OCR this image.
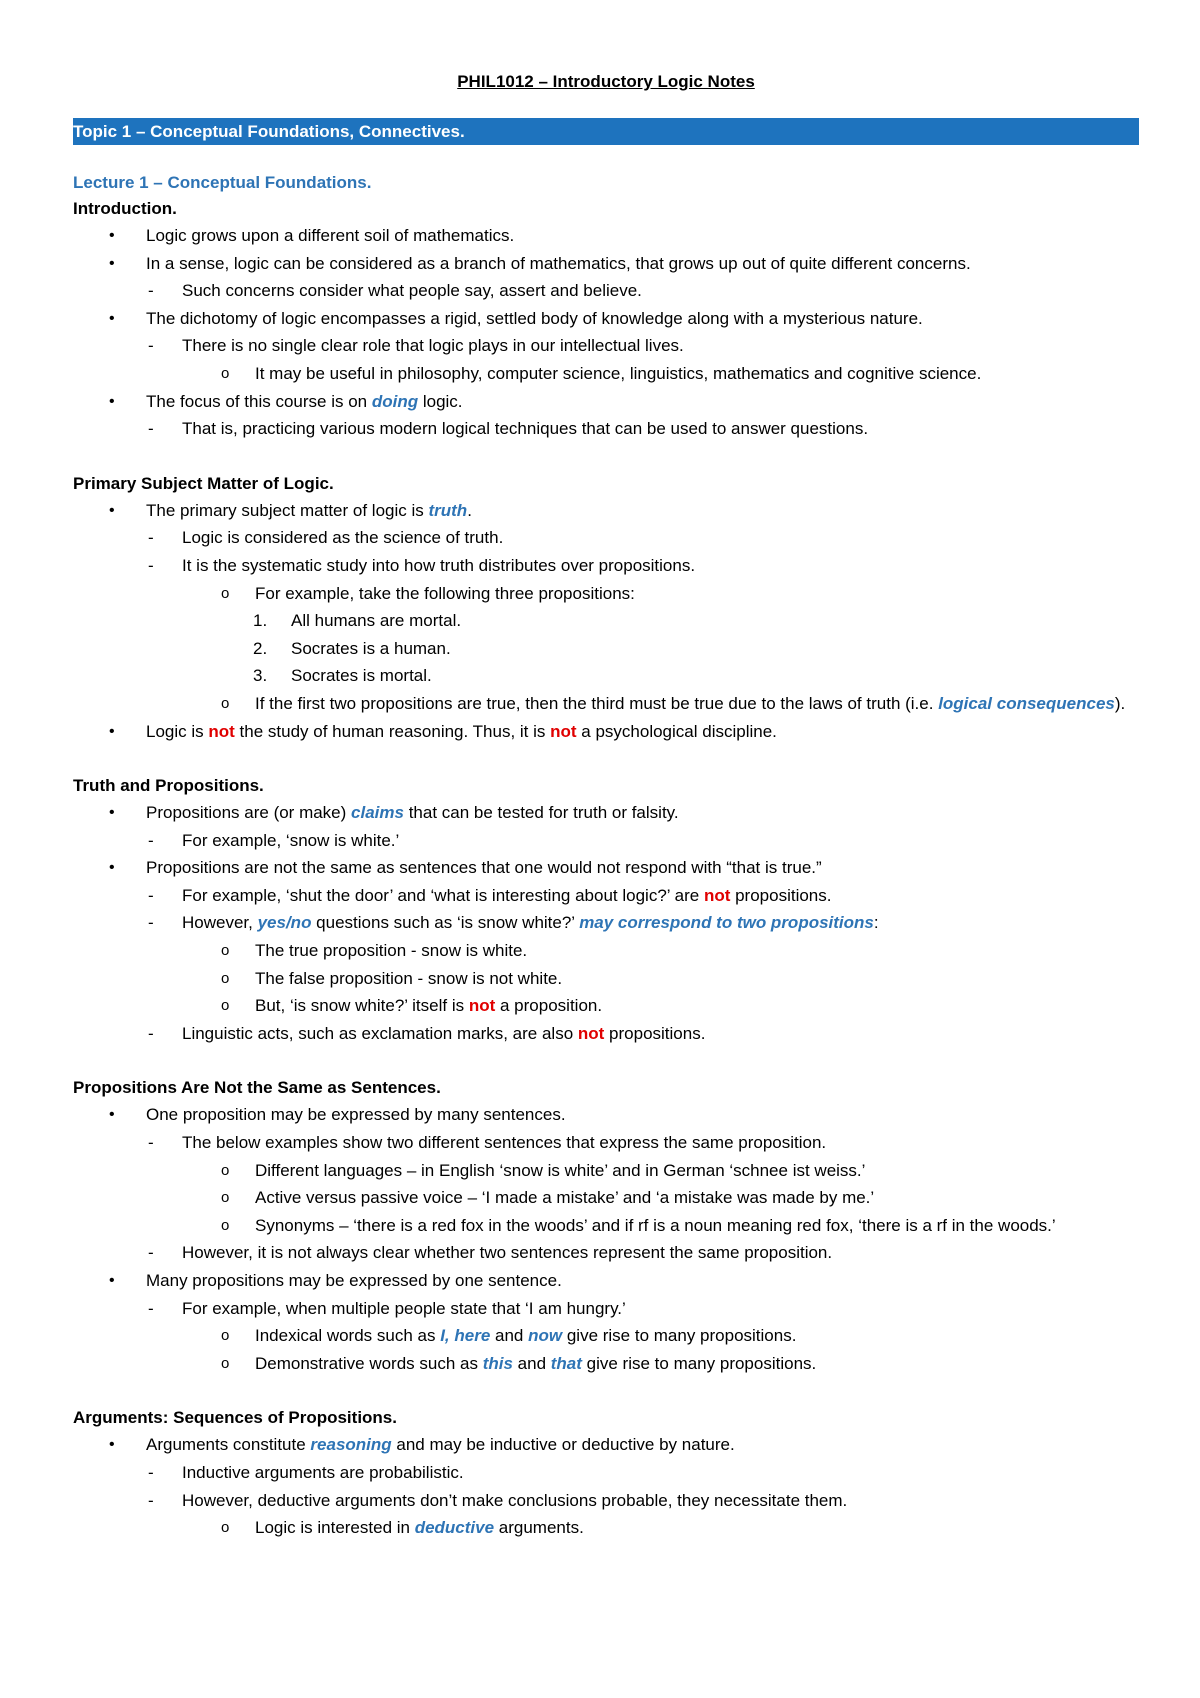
PHIL1012 – Introductory Logic Notes
Topic 1 – Conceptual Foundations, Connectives.
Lecture 1 – Conceptual Foundations.
Introduction.
• Logic grows upon a different soil of mathematics.
• In a sense, logic can be considered as a branch of mathematics, that grows up out of quite different concerns.
- Such concerns consider what people say, assert and believe.
• The dichotomy of logic encompasses a rigid, settled body of knowledge along with a mysterious nature.
- There is no single clear role that logic plays in our intellectual lives.
o It may be useful in philosophy, computer science, linguistics, mathematics and cognitive science.
• The focus of this course is on doing logic.
- That is, practicing various modern logical techniques that can be used to answer questions.
Primary Subject Matter of Logic.
• The primary subject matter of logic is truth.
- Logic is considered as the science of truth.
- It is the systematic study into how truth distributes over propositions.
o For example, take the following three propositions:
1. All humans are mortal.
2. Socrates is a human.
3. Socrates is mortal.
o If the first two propositions are true, then the third must be true due to the laws of truth (i.e. logical consequences).
• Logic is not the study of human reasoning. Thus, it is not a psychological discipline.
Truth and Propositions.
• Propositions are (or make) claims that can be tested for truth or falsity.
- For example, ‘snow is white.’
• Propositions are not the same as sentences that one would not respond with “that is true.”
- For example, ‘shut the door’ and ‘what is interesting about logic?’ are not propositions.
- However, yes/no questions such as ‘is snow white?’ may correspond to two propositions:
o The true proposition - snow is white.
o The false proposition - snow is not white.
o But, ‘is snow white?’ itself is not a proposition.
- Linguistic acts, such as exclamation marks, are also not propositions.
Propositions Are Not the Same as Sentences.
• One proposition may be expressed by many sentences.
- The below examples show two different sentences that express the same proposition.
o Different languages – in English ‘snow is white’ and in German ‘schnee ist weiss.’
o Active versus passive voice – ‘I made a mistake’ and ‘a mistake was made by me.’
o Synonyms – ‘there is a red fox in the woods’ and if rf is a noun meaning red fox, ‘there is a rf in the woods.’
- However, it is not always clear whether two sentences represent the same proposition.
• Many propositions may be expressed by one sentence.
- For example, when multiple people state that ‘I am hungry.’
o Indexical words such as I, here and now give rise to many propositions.
o Demonstrative words such as this and that give rise to many propositions.
Arguments: Sequences of Propositions.
• Arguments constitute reasoning and may be inductive or deductive by nature.
- Inductive arguments are probabilistic.
- However, deductive arguments don’t make conclusions probable, they necessitate them.
o Logic is interested in deductive arguments.
